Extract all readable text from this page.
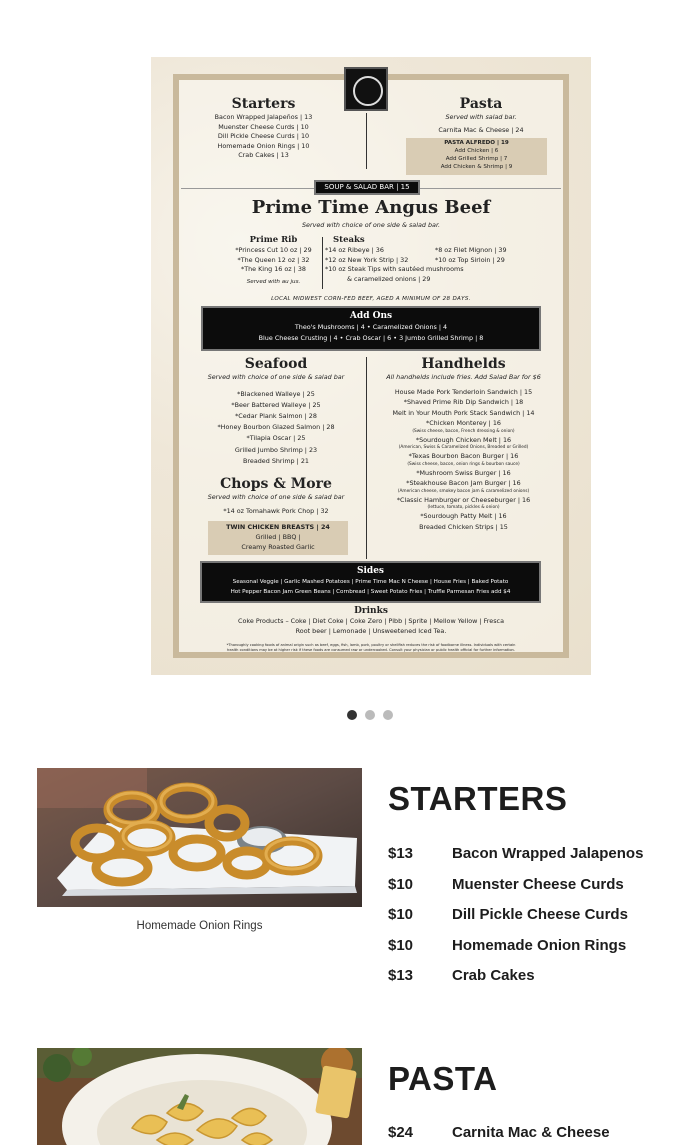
Starters
Bacon Wrapped Jalapeños | 13
Muenster Cheese Curds | 10
Dill Pickle Cheese Curds | 10
Homemade Onion Rings | 10
Crab Cakes | 13
Pasta
Served with salad bar.
Carnita Mac & Cheese | 24
PASTA ALFREDO | 19
Add Chicken | 6
Add Grilled Shrimp | 7
Add Chicken & Shrimp | 9
SOUP & SALAD BAR | 15
Prime Time Angus Beef
Served with choice of one side & salad bar.
Prime Rib
*Princess Cut 10 oz | 29
*The Queen 12 oz | 32
*The King 16 oz | 38
Served with au jus.
Steaks
*14 oz Ribeye | 36
*12 oz New York Strip | 32
*10 oz Steak Tips with sautéed mushrooms
& caramelized onions | 29
*8 oz Filet Mignon | 39
*10 oz Top Sirloin | 29
LOCAL MIDWEST CORN-FED BEEF, AGED A MINIMUM OF 28 DAYS.
Add Ons
Theo's Mushrooms | 4 • Caramelized Onions | 4
Blue Cheese Crusting | 4 • Crab Oscar | 6 • 3 Jumbo Grilled Shrimp | 8
Seafood
Served with choice of one side & salad bar
*Blackened Walleye | 25
*Beer Battered Walleye | 25
*Cedar Plank Salmon | 28
*Honey Bourbon Glazed Salmon | 28
*Tilapia Oscar | 25
Grilled Jumbo Shrimp | 23
Breaded Shrimp | 21
Chops & More
Served with choice of one side & salad bar
*14 oz Tomahawk Pork Chop | 32
TWIN CHICKEN BREASTS | 24
Grilled | BBQ |
Creamy Roasted Garlic
Handhelds
All handhelds include fries. Add Salad Bar for $6
House Made Pork Tenderloin Sandwich | 15
*Shaved Prime Rib Dip Sandwich | 18
Melt in Your Mouth Pork Stack Sandwich | 14
*Chicken Monterey | 16
(Swiss cheese, bacon, French dressing & onion)
*Sourdough Chicken Melt | 16
(American, Swiss & Caramelized Onions, Breaded or Grilled)
*Texas Bourbon Bacon Burger | 16
(Swiss cheese, bacon, onion rings & bourbon sauce)
*Mushroom Swiss Burger | 16
*Steakhouse Bacon Jam Burger | 16
(American cheese, smokey bacon jam & caramelized onions)
*Classic Hamburger or Cheeseburger | 16
(lettuce, tomato, pickles & onion)
*Sourdough Patty Melt | 16
Breaded Chicken Strips | 15
Sides
Seasonal Veggie | Garlic Mashed Potatoes | Prime Time Mac N Cheese | House Fries | Baked Potato
Hot Pepper Bacon Jam Green Beans | Cornbread | Sweet Potato Fries | Truffle Parmesan Fries add $4
Drinks
Coke Products – Coke | Diet Coke | Coke Zero | Pibb | Sprite | Mellow Yellow | Fresca
Root beer | Lemonade | Unsweetened Iced Tea.
*Thoroughly cooking foods of animal origin such as beef, eggs, fish, lamb, pork, poultry or shellfish reduces the risk of foodborne illness. Individuals with certain health conditions may be at higher risk if these foods are consumed raw or undercooked. Consult your physician or public health official for further information.
Homemade Onion Rings
STARTERS
$13	Bacon Wrapped Jalapenos
$10	Muenster Cheese Curds
$10	Dill Pickle Cheese Curds
$10	Homemade Onion Rings
$13	Crab Cakes
PASTA
$24	Carnita Mac & Cheese
